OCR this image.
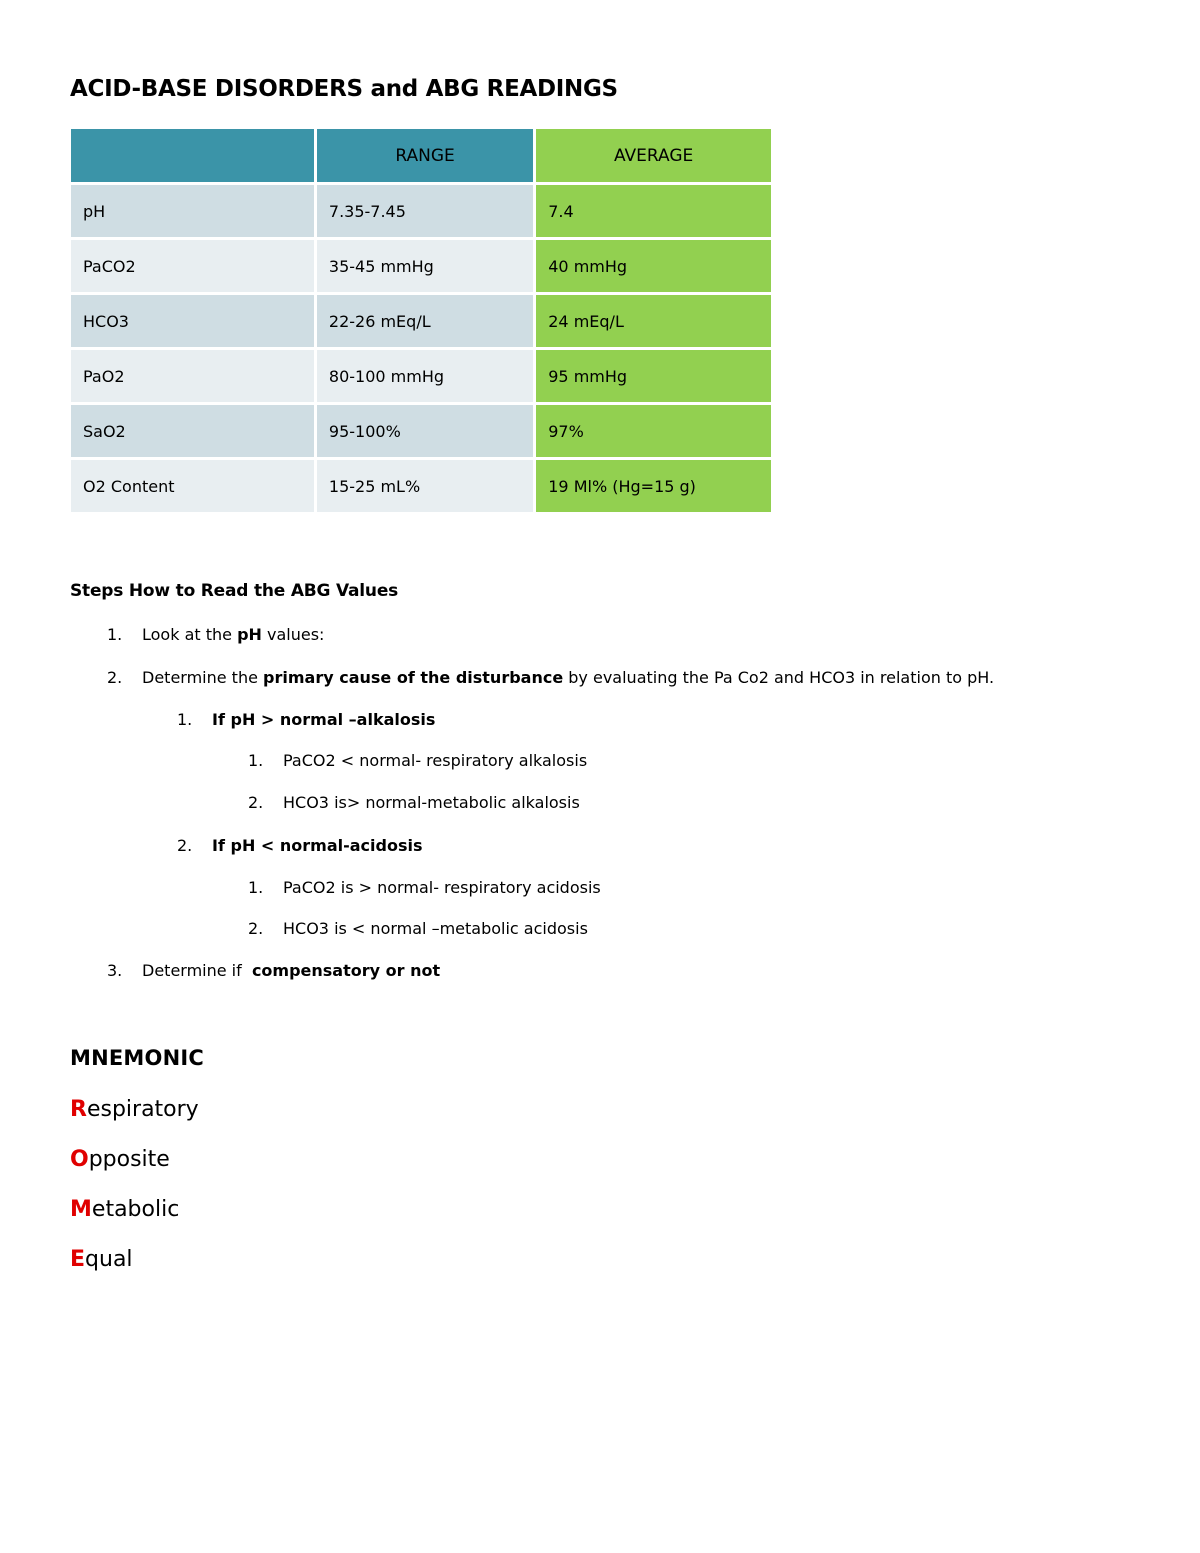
ACID-BASE DISORDERS and ABG READINGS
	RANGE	AVERAGE
pH	7.35-7.45	7.4
PaCO2	35-45 mmHg	40 mmHg
HCO3	22-26 mEq/L	24 mEq/L
PaO2	80-100 mmHg	95 mmHg
SaO2	95-100%	97%
O2 Content	15-25 mL%	19 Ml% (Hg=15 g)
Steps How to Read the ABG Values
1. Look at the pH values:
2. Determine the primary cause of the disturbance by evaluating the Pa Co2 and HCO3 in relation to pH.
1. If pH > normal –alkalosis
1. PaCO2 < normal- respiratory alkalosis
2. HCO3 is> normal-metabolic alkalosis
2. If pH < normal-acidosis
1. PaCO2 is > normal- respiratory acidosis
2. HCO3 is < normal –metabolic acidosis
3. Determine if  compensatory or not
MNEMONIC
Respiratory
Opposite
Metabolic
Equal
